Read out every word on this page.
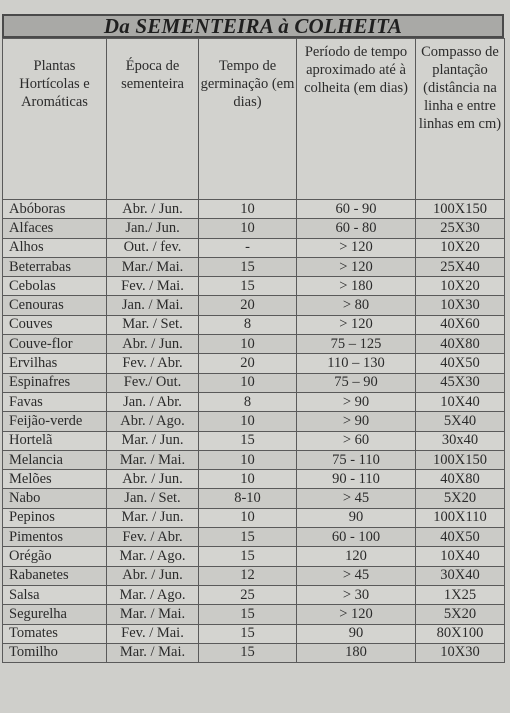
Da SEMENTEIRA à COLHEITA
Plantas Hortícolas e Aromáticas	Época de sementeira	Tempo de germinação (em dias)	Período de tempo aproximado até à colheita (em dias)	Compasso de plantação (distância na linha e entre linhas em cm)
Abóboras	Abr. / Jun.	10	60 - 90	100X150
Alfaces	Jan./ Jun.	10	60 - 80	25X30
Alhos	Out. / fev.	-	> 120	10X20
Beterrabas	Mar./ Mai.	15	> 120	25X40
Cebolas	Fev. / Mai.	15	> 180	10X20
Cenouras	Jan. / Mai.	20	> 80	10X30
Couves	Mar. / Set.	8	> 120	40X60
Couve-flor	Abr. / Jun.	10	75 – 125	40X80
Ervilhas	Fev. / Abr.	20	110 – 130	40X50
Espinafres	Fev./ Out.	10	75 – 90	45X30
Favas	Jan. / Abr.	8	> 90	10X40
Feijão-verde	Abr. / Ago.	10	> 90	5X40
Hortelã	Mar. / Jun.	15	> 60	30x40
Melancia	Mar. / Mai.	10	75 - 110	100X150
Melões	Abr. / Jun.	10	90 - 110	40X80
Nabo	Jan. / Set.	8-10	> 45	5X20
Pepinos	Mar. / Jun.	10	90	100X110
Pimentos	Fev. / Abr.	15	60 - 100	40X50
Orégão	Mar. / Ago.	15	120	10X40
Rabanetes	Abr. / Jun.	12	> 45	30X40
Salsa	Mar. / Ago.	25	> 30	1X25
Segurelha	Mar. / Mai.	15	> 120	5X20
Tomates	Fev. / Mai.	15	90	80X100
Tomilho	Mar. / Mai.	15	180	10X30
